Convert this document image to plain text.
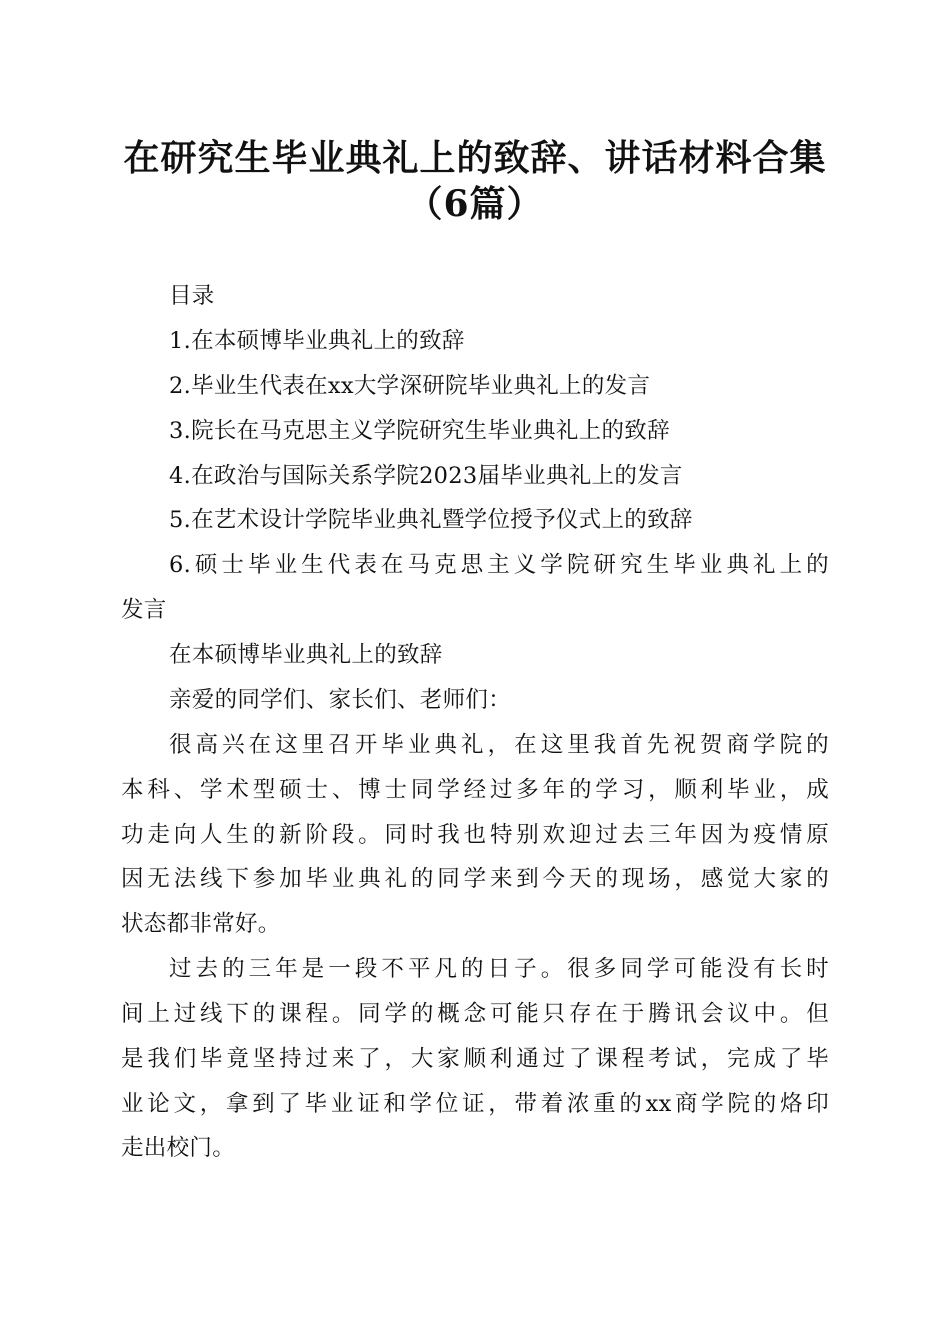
在研究生毕业典礼上的致辞、讲话材料合集
（6篇）
目录
1.在本硕博毕业典礼上的致辞
2.毕业生代表在xx大学深研院毕业典礼上的发言
3.院长在马克思主义学院研究生毕业典礼上的致辞
4.在政治与国际关系学院2023届毕业典礼上的发言
5.在艺术设计学院毕业典礼暨学位授予仪式上的致辞
6.硕士毕业生代表在马克思主义学院研究生毕业典礼上的
发言
在本硕博毕业典礼上的致辞
亲爱的同学们、家长们、老师们：
很高兴在这里召开毕业典礼，在这里我首先祝贺商学院的
本科、学术型硕士、博士同学经过多年的学习，顺利毕业，成
功走向人生的新阶段。同时我也特别欢迎过去三年因为疫情原
因无法线下参加毕业典礼的同学来到今天的现场，感觉大家的
状态都非常好。
过去的三年是一段不平凡的日子。很多同学可能没有长时
间上过线下的课程。同学的概念可能只存在于腾讯会议中。但
是我们毕竟坚持过来了，大家顺利通过了课程考试，完成了毕
业论文，拿到了毕业证和学位证，带着浓重的xx商学院的烙印
走出校门。
